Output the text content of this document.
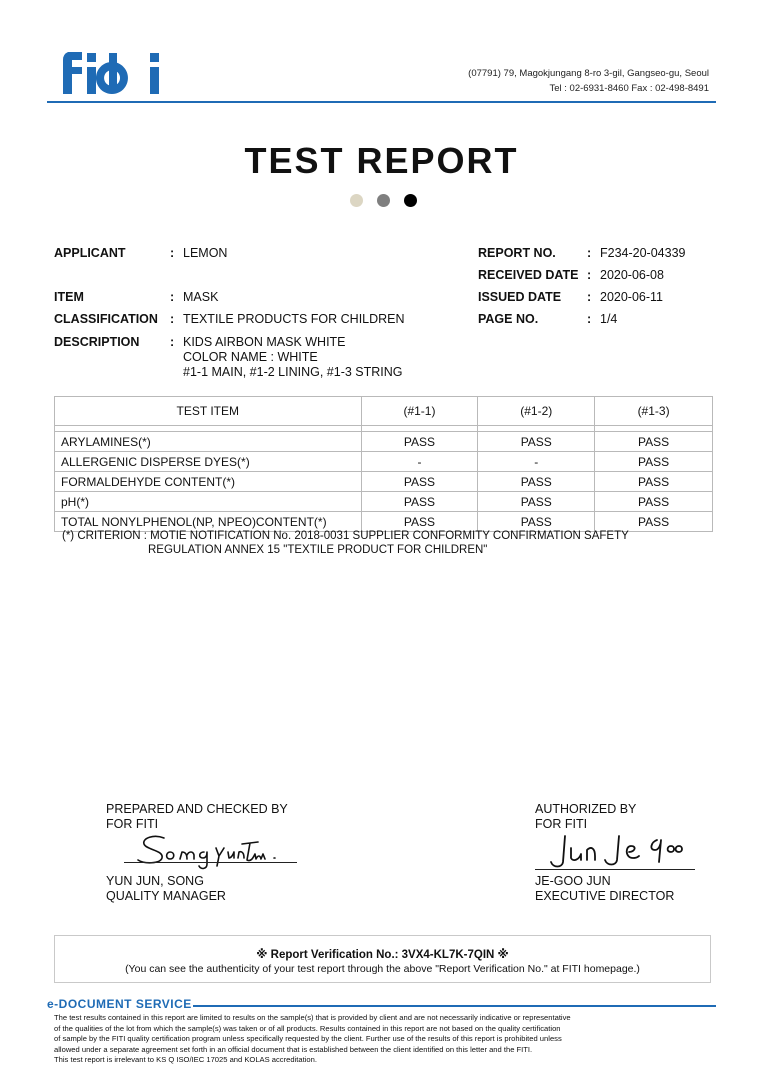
(07791) 79, Magokjungang 8-ro 3-gil, Gangseo-gu, Seoul
Tel : 02-6931-8460 Fax : 02-498-8491
TEST REPORT
APPLICANT	: LEMON
ITEM	: MASK
CLASSIFICATION : TEXTILE PRODUCTS FOR CHILDREN
DESCRIPTION : KIDS AIRBON MASK WHITE
COLOR NAME : WHITE
#1-1 MAIN, #1-2 LINING, #1-3 STRING
REPORT NO. : F234-20-04339
RECEIVED DATE : 2020-06-08
ISSUED DATE : 2020-06-11
PAGE NO.	: 1/4
TEST ITEM	(#1-1)	(#1-2)	(#1-3)

ARYLAMINES(*)	PASS	PASS	PASS
ALLERGENIC DISPERSE DYES(*)	-	-	PASS
FORMALDEHYDE CONTENT(*)	PASS	PASS	PASS
pH(*)	PASS	PASS	PASS
TOTAL NONYLPHENOL(NP, NPEO)CONTENT(*)	PASS	PASS	PASS
(*) CRITERION : MOTIE NOTIFICATION No. 2018-0031 SUPPLIER CONFORMITY CONFIRMATION SAFETY
REGULATION ANNEX 15 "TEXTILE PRODUCT FOR CHILDREN"
PREPARED AND CHECKED BY
FOR FITI
YUN JUN, SONG
QUALITY MANAGER
AUTHORIZED BY
FOR FITI
JE-GOO JUN
EXECUTIVE DIRECTOR
※ Report Verification No.: 3VX4-KL7K-7QIN ※
(You can see the authenticity of your test report through the above "Report Verification No." at FITI homepage.)
e-DOCUMENT SERVICE
The test results contained in this report are limited to results on the sample(s) that is provided by client and are not necessarily indicative or representative
of the qualities of the lot from which the sample(s) was taken or of all products. Results contained in this report are not based on the quality certification
of sample by the FITI quality certification program unless specifically requested by the client. Further use of the results of this report is prohibited unless
allowed under a separate agreement set forth in an official document that is established between the client identified on this letter and the FITI.
This test report is irrelevant to KS Q ISO/IEC 17025 and KOLAS accreditation.
